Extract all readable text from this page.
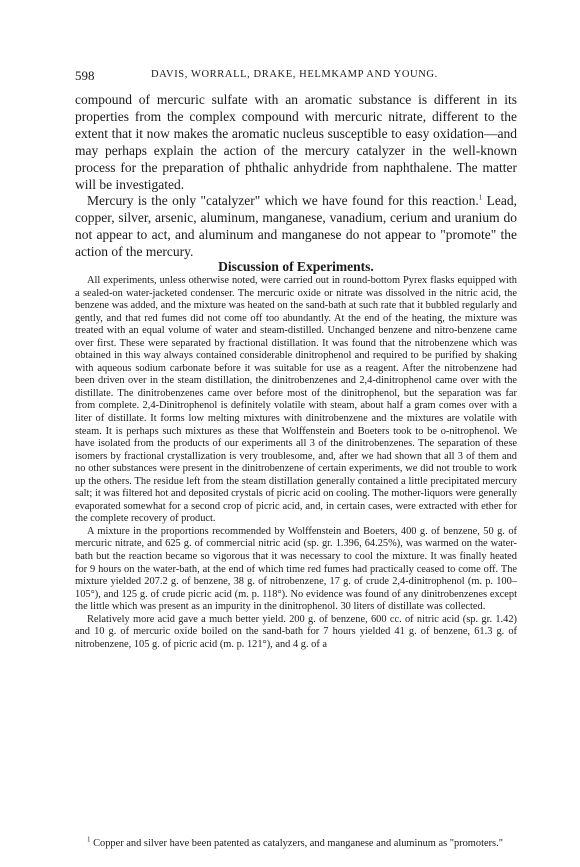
598	DAVIS, WORRALL, DRAKE, HELMKAMP AND YOUNG.

compound of mercuric sulfate with an aromatic substance is different in its properties from the complex compound with mercuric nitrate, different to the extent that it now makes the aromatic nucleus susceptible to easy oxidation—and may perhaps explain the action of the mercury catalyzer in the well-known process for the preparation of phthalic anhydride from naphthalene. The matter will be investigated.

Mercury is the only "catalyzer" which we have found for this reaction.$^1$ Lead, copper, silver, arsenic, aluminum, manganese, vanadium, cerium and uranium do not appear to act, and aluminum and manganese do not appear to "promote" the action of the mercury.

Discussion of Experiments.

All experiments, unless otherwise noted, were carried out in round-bottom Pyrex flasks equipped with a sealed-on water-jacketed condenser. The mercuric oxide or nitrate was dissolved in the nitric acid, the benzene was added, and the mixture was heated on the sand-bath at such rate that it bubbled regularly and gently, and that red fumes did not come off too abundantly. At the end of the heating, the mixture was treated with an equal volume of water and steam-distilled. Unchanged benzene and nitro-benzene came over first. These were separated by fractional distillation. It was found that the nitrobenzene which was obtained in this way always contained considerable dinitrophenol and required to be purified by shaking with aqueous sodium carbonate before it was suitable for use as a reagent. After the nitrobenzene had been driven over in the steam distillation, the dinitrobenzenes and 2,4-dinitrophenol came over with the distillate. The dinitrobenzenes came over before most of the dinitrophenol, but the separation was far from complete. 2,4-Dinitrophenol is definitely volatile with steam, about half a gram comes over with a liter of distillate. It forms low melting mixtures with dinitrobenzene and the mixtures are volatile with steam. It is perhaps such mixtures as these that Wolffenstein and Boeters took to be o-nitrophenol. We have isolated from the products of our experiments all 3 of the dinitrobenzenes. The separation of these isomers by fractional crystallization is very troublesome, and, after we had shown that all 3 of them and no other substances were present in the dinitrobenzene of certain experiments, we did not trouble to work up the others. The residue left from the steam distillation generally contained a little precipitated mercury salt; it was filtered hot and deposited crystals of picric acid on cooling. The mother-liquors were generally evaporated somewhat for a second crop of picric acid, and, in certain cases, were extracted with ether for the complete recovery of product.

A mixture in the proportions recommended by Wolffenstein and Boeters, 400 g. of benzene, 50 g. of mercuric nitrate, and 625 g. of commercial nitric acid (sp. gr. 1.396, 64.25%), was warmed on the water-bath but the reaction became so vigorous that it was necessary to cool the mixture. It was finally heated for 9 hours on the water-bath, at the end of which time red fumes had practically ceased to come off. The mixture yielded 207.2 g. of benzene, 38 g. of nitrobenzene, 17 g. of crude 2,4-dinitrophenol (m. p. 100–105°), and 125 g. of crude picric acid (m. p. 118°). No evidence was found of any dinitrobenzenes except the little which was present as an impurity in the dinitrophenol. 30 liters of distillate was collected.

Relatively more acid gave a much better yield. 200 g. of benzene, 600 cc. of nitric acid (sp. gr. 1.42) and 10 g. of mercuric oxide boiled on the sand-bath for 7 hours yielded 41 g. of benzene, 61.3 g. of nitrobenzene, 105 g. of picric acid (m. p. 121°), and 4 g. of a

$^1$ Copper and silver have been patented as catalyzers, and manganese and aluminum as "promoters."
